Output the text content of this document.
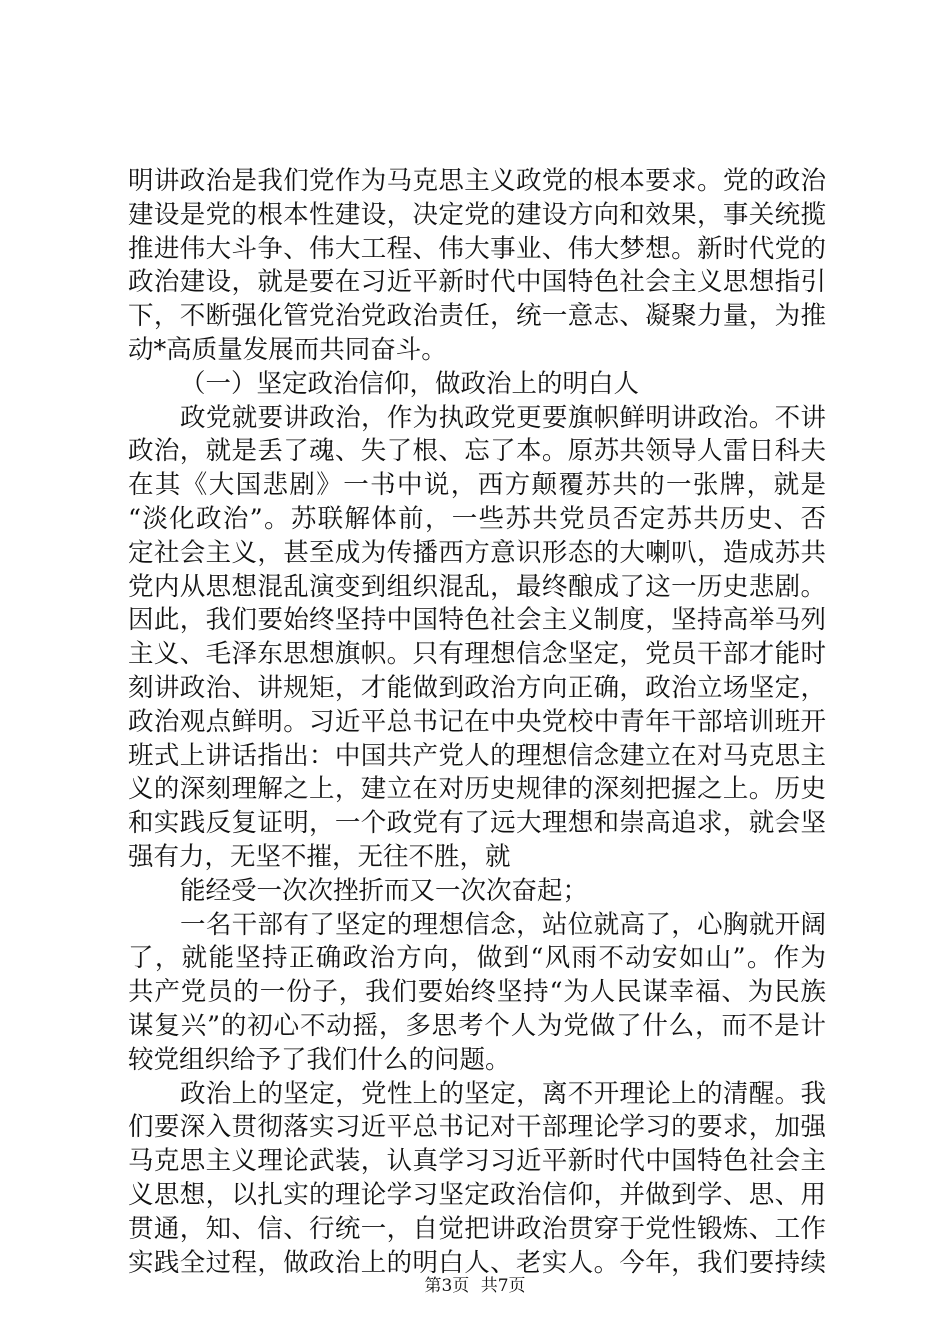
明讲政治是我们党作为马克思主义政党的根本要求。党的政治
建设是党的根本性建设，决定党的建设方向和效果，事关统揽
推进伟大斗争、伟大工程、伟大事业、伟大梦想。新时代党的
政治建设，就是要在习近平新时代中国特色社会主义思想指引
下，不断强化管党治党政治责任，统一意志、凝聚力量，为推
动*高质量发展而共同奋斗。
（一）坚定政治信仰，做政治上的明白人
政党就要讲政治，作为执政党更要旗帜鲜明讲政治。不讲
政治，就是丢了魂、失了根、忘了本。原苏共领导人雷日科夫
在其《大国悲剧》一书中说，西方颠覆苏共的一张牌，就是
“淡化政治”。苏联解体前，一些苏共党员否定苏共历史、否
定社会主义，甚至成为传播西方意识形态的大喇叭，造成苏共
党内从思想混乱演变到组织混乱，最终酿成了这一历史悲剧。
因此，我们要始终坚持中国特色社会主义制度，坚持高举马列
主义、毛泽东思想旗帜。只有理想信念坚定，党员干部才能时
刻讲政治、讲规矩，才能做到政治方向正确，政治立场坚定，
政治观点鲜明。习近平总书记在中央党校中青年干部培训班开
班式上讲话指出：中国共产党人的理想信念建立在对马克思主
义的深刻理解之上，建立在对历史规律的深刻把握之上。历史
和实践反复证明，一个政党有了远大理想和崇高追求，就会坚
强有力，无坚不摧，无往不胜，就
能经受一次次挫折而又一次次奋起；
一名干部有了坚定的理想信念，站位就高了，心胸就开阔
了，就能坚持正确政治方向，做到“风雨不动安如山”。作为
共产党员的一份子，我们要始终坚持“为人民谋幸福、为民族
谋复兴”的初心不动摇，多思考个人为党做了什么，而不是计
较党组织给予了我们什么的问题。
政治上的坚定，党性上的坚定，离不开理论上的清醒。我
们要深入贯彻落实习近平总书记对干部理论学习的要求，加强
马克思主义理论武装，认真学习习近平新时代中国特色社会主
义思想，以扎实的理论学习坚定政治信仰，并做到学、思、用
贯通，知、信、行统一，自觉把讲政治贯穿于党性锻炼、工作
实践全过程，做政治上的明白人、老实人。今年，我们要持续
第3页 共7页
